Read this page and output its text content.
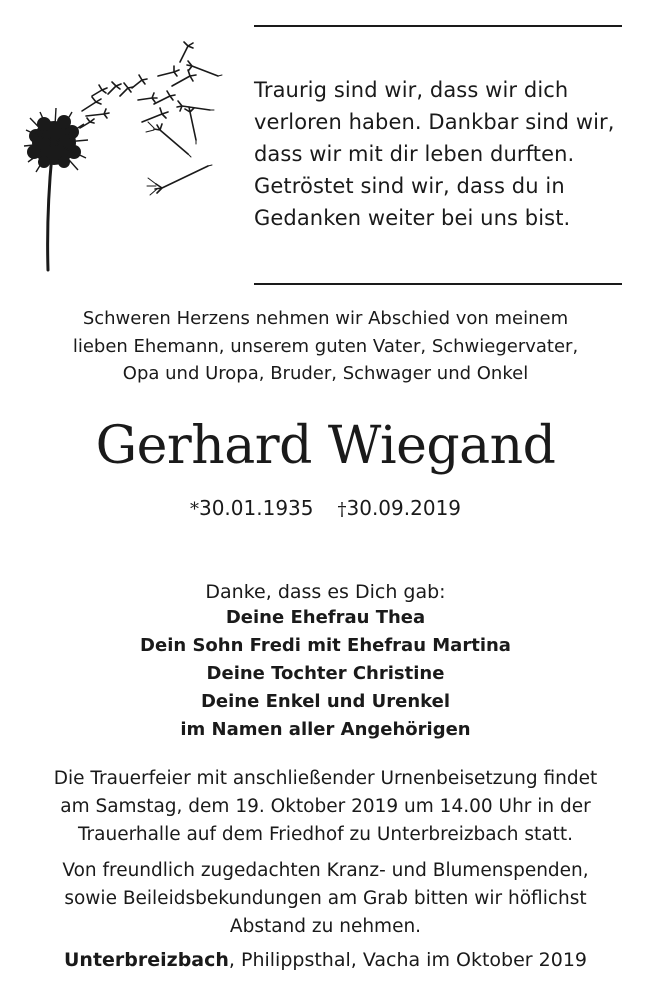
Traurig sind wir, dass wir dich
verloren haben. Dankbar sind wir,
dass wir mit dir leben durften.
Getröstet sind wir, dass du in
Gedanken weiter bei uns bist.
Schweren Herzens nehmen wir Abschied von meinem
lieben Ehemann, unserem guten Vater, Schwiegervater,
Opa und Uropa, Bruder, Schwager und Onkel
Gerhard Wiegand
*30.01.1935 †30.09.2019
Danke, dass es Dich gab:
Deine Ehefrau Thea
Dein Sohn Fredi mit Ehefrau Martina
Deine Tochter Christine
Deine Enkel und Urenkel
im Namen aller Angehörigen
Die Trauerfeier mit anschließender Urnenbeisetzung findet
am Samstag, dem 19. Oktober 2019 um 14.00 Uhr in der
Trauerhalle auf dem Friedhof zu Unterbreizbach statt.
Von freundlich zugedachten Kranz- und Blumenspenden,
sowie Beileidsbekundungen am Grab bitten wir höflichst
Abstand zu nehmen.
Unterbreizbach, Philippsthal, Vacha im Oktober 2019
